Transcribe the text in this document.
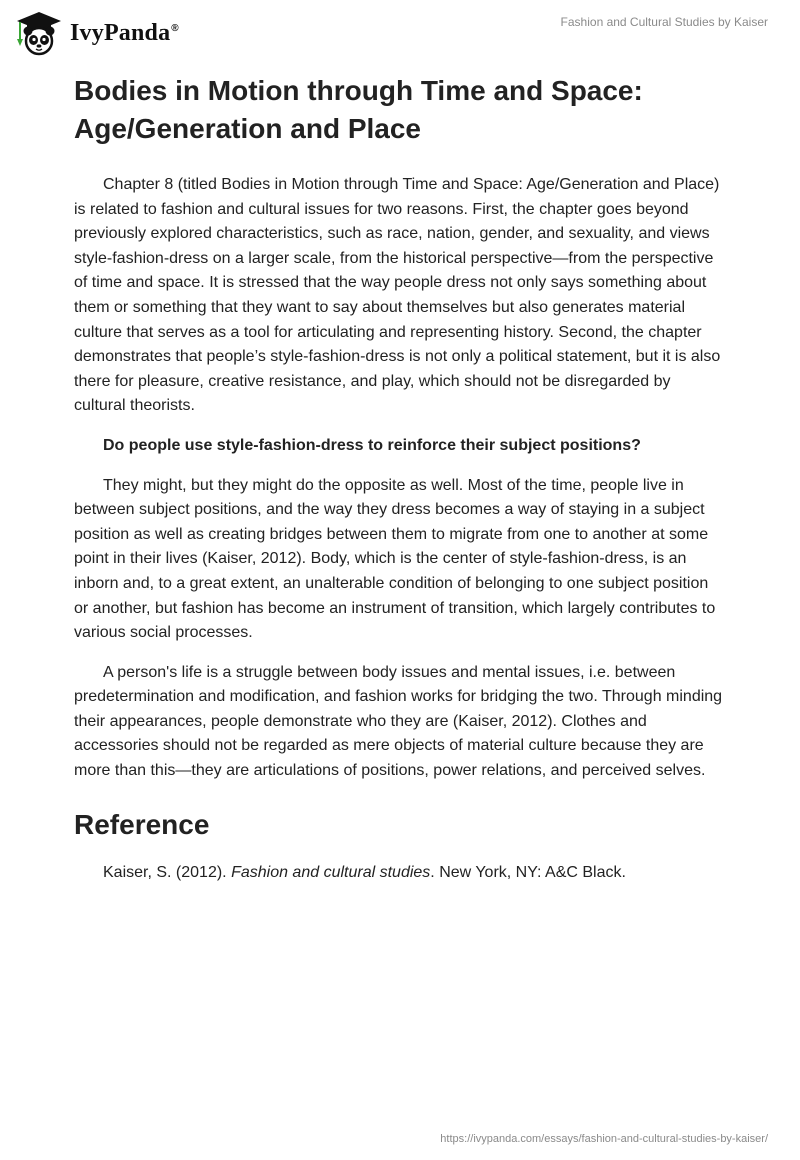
IvyPanda®	Fashion and Cultural Studies by Kaiser
Bodies in Motion through Time and Space: Age/Generation and Place

Chapter 8 (titled Bodies in Motion through Time and Space: Age/Generation and Place) is related to fashion and cultural issues for two reasons. First, the chapter goes beyond previously explored characteristics, such as race, nation, gender, and sexuality, and views style-fashion-dress on a larger scale, from the historical perspective—from the perspective of time and space. It is stressed that the way people dress not only says something about them or something that they want to say about themselves but also generates material culture that serves as a tool for articulating and representing history. Second, the chapter demonstrates that people’s style-fashion-dress is not only a political statement, but it is also there for pleasure, creative resistance, and play, which should not be disregarded by cultural theorists.

Do people use style-fashion-dress to reinforce their subject positions?

They might, but they might do the opposite as well. Most of the time, people live in between subject positions, and the way they dress becomes a way of staying in a subject position as well as creating bridges between them to migrate from one to another at some point in their lives (Kaiser, 2012). Body, which is the center of style-fashion-dress, is an inborn and, to a great extent, an unalterable condition of belonging to one subject position or another, but fashion has become an instrument of transition, which largely contributes to various social processes.

A person's life is a struggle between body issues and mental issues, i.e. between predetermination and modification, and fashion works for bridging the two. Through minding their appearances, people demonstrate who they are (Kaiser, 2012). Clothes and accessories should not be regarded as mere objects of material culture because they are more than this—they are articulations of positions, power relations, and perceived selves.

Reference

Kaiser, S. (2012). Fashion and cultural studies. New York, NY: A&C Black.

https://ivypanda.com/essays/fashion-and-cultural-studies-by-kaiser/
